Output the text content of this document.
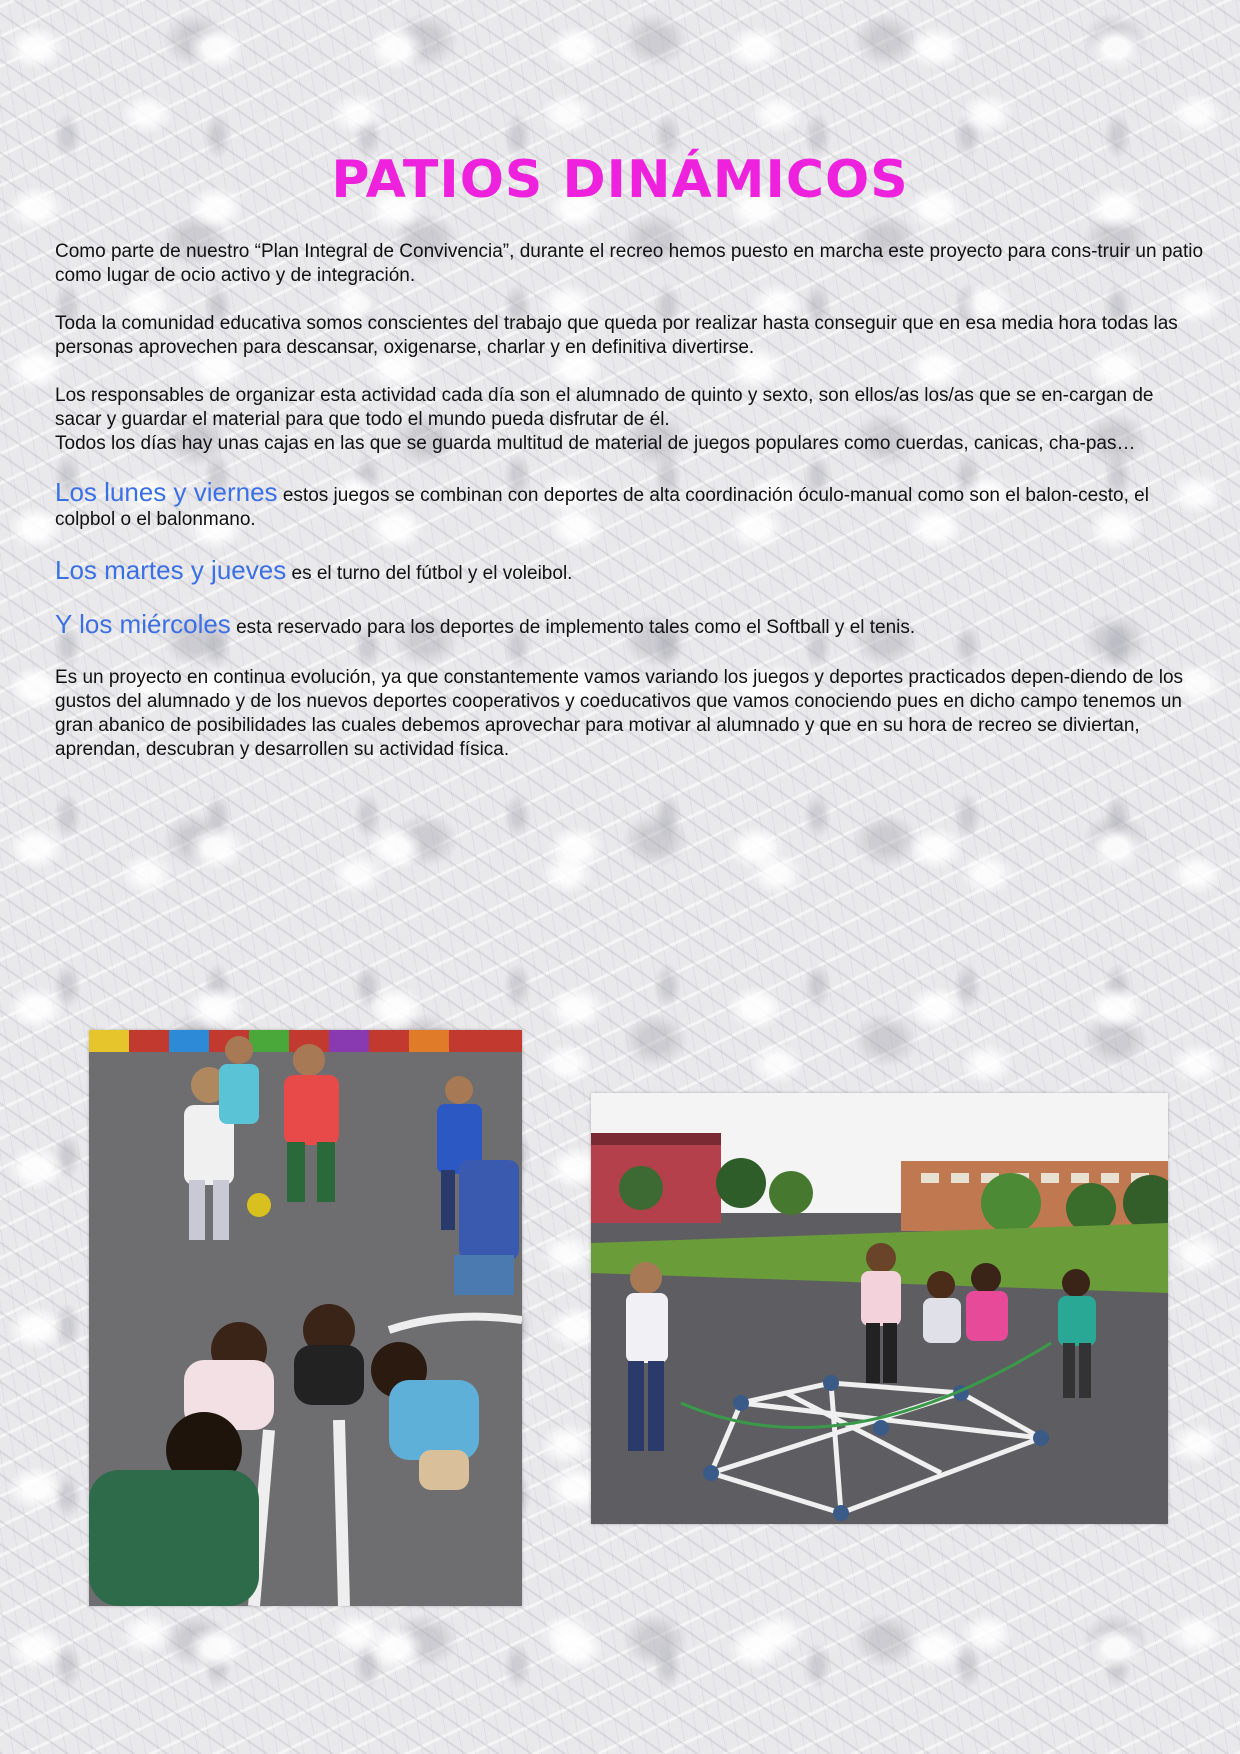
PATIOS DINÁMICOS

Como parte de nuestro “Plan Integral de Convivencia”, durante el recreo hemos puesto en marcha este proyecto para cons-truir un patio como lugar de ocio activo y de integración.

Toda la comunidad educativa somos conscientes del trabajo que queda por realizar hasta conseguir que en esa media hora todas las personas aprovechen para descansar, oxigenarse, charlar y en definitiva divertirse.

Los responsables de organizar esta actividad cada día son el alumnado de quinto y sexto, son ellos/as los/as que se en-cargan de sacar y guardar el material para que todo el mundo pueda disfrutar de él.

Todos los días hay unas cajas en las que se guarda multitud de material de juegos populares como cuerdas, canicas, cha-pas…

Los lunes y viernes estos juegos se combinan con deportes de alta coordinación óculo-manual como son el balon-cesto, el colpbol o el balonmano.

Los martes y jueves es el turno del fútbol y el voleibol.

Y los miércoles esta reservado para los deportes de implemento tales como el Softball y el tenis.

Es un proyecto en continua evolución, ya que constantemente vamos variando los juegos y deportes practicados depen-diendo de los gustos del alumnado y de los nuevos deportes cooperativos y coeducativos que vamos conociendo pues en dicho campo tenemos un gran abanico de posibilidades las cuales debemos aprovechar para motivar al alumnado y que en su hora de recreo se diviertan, aprendan, descubran y desarrollen su actividad física.
